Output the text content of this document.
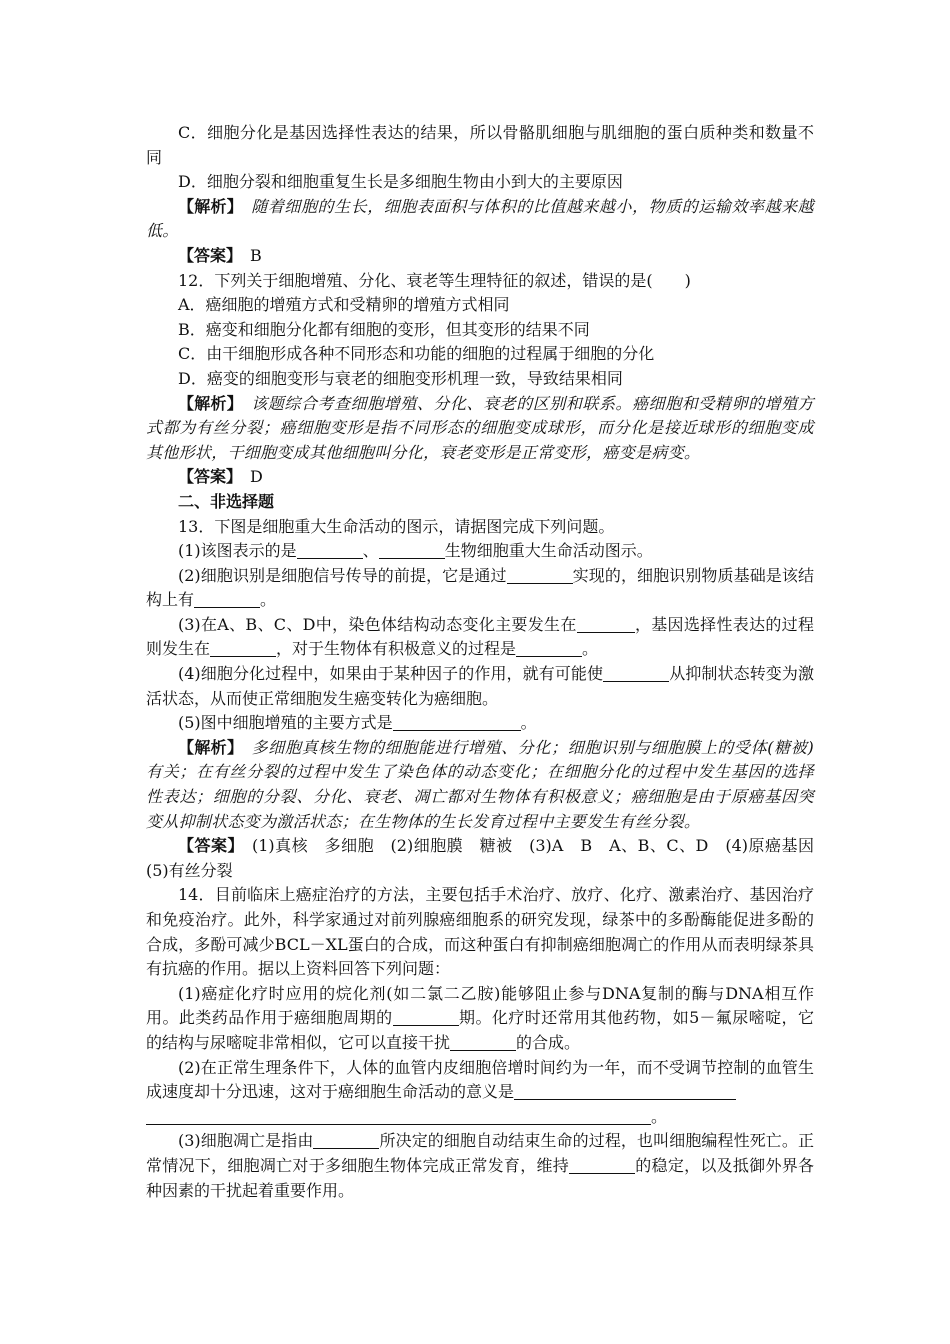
C．细胞分化是基因选择性表达的结果，所以骨骼肌细胞与肌细胞的蛋白质种类和数量不同

D．细胞分裂和细胞重复生长是多细胞生物由小到大的主要原因

【解析】 随着细胞的生长，细胞表面积与体积的比值越来越小，物质的运输效率越来越低。

【答案】 B

12．下列关于细胞增殖、分化、衰老等生理特征的叙述，错误的是(　　)

A．癌细胞的增殖方式和受精卵的增殖方式相同

B．癌变和细胞分化都有细胞的变形，但其变形的结果不同

C．由干细胞形成各种不同形态和功能的细胞的过程属于细胞的分化

D．癌变的细胞变形与衰老的细胞变形机理一致，导致结果相同

【解析】 该题综合考查细胞增殖、分化、衰老的区别和联系。癌细胞和受精卵的增殖方式都为有丝分裂；癌细胞变形是指不同形态的细胞变成球形，而分化是接近球形的细胞变成其他形状，干细胞变成其他细胞叫分化，衰老变形是正常变形，癌变是病变。

【答案】 D

二、非选择题

13．下图是细胞重大生命活动的图示，请据图完成下列问题。

(1)该图表示的是	、	生物细胞重大生命活动图示。

(2)细胞识别是细胞信号传导的前提，它是通过	实现的，细胞识别物质基础是该结构上有	。

(3)在A、B、C、D中，染色体结构动态变化主要发生在	，基因选择性表达的过程则发生在	，对于生物体有积极意义的过程是	。

(4)细胞分化过程中，如果由于某种因子的作用，就有可能使	从抑制状态转变为激活状态，从而使正常细胞发生癌变转化为癌细胞。

(5)图中细胞增殖的主要方式是	。

【解析】 多细胞真核生物的细胞能进行增殖、分化；细胞识别与细胞膜上的受体(糖被)有关；在有丝分裂的过程中发生了染色体的动态变化；在细胞分化的过程中发生基因的选择性表达；细胞的分裂、分化、衰老、凋亡都对生物体有积极意义；癌细胞是由于原癌基因突变从抑制状态变为激活状态；在生物体的生长发育过程中主要发生有丝分裂。

【答案】 (1)真核　多细胞　(2)细胞膜　糖被　(3)A　B　A、B、C、D　(4)原癌基因　(5)有丝分裂

14．目前临床上癌症治疗的方法，主要包括手术治疗、放疗、化疗、激素治疗、基因治疗和免疫治疗。此外，科学家通过对前列腺癌细胞系的研究发现，绿茶中的多酚酶能促进多酚的合成，多酚可减少BCL－XL蛋白的合成，而这种蛋白有抑制癌细胞凋亡的作用从而表明绿茶具有抗癌的作用。据以上资料回答下列问题：

(1)癌症化疗时应用的烷化剂(如二氯二乙胺)能够阻止参与DNA复制的酶与DNA相互作用。此类药品作用于癌细胞周期的	期。化疗时还常用其他药物，如5－氟尿嘧啶，它的结构与尿嘧啶非常相似，它可以直接干扰	的合成。

(2)在正常生理条件下，人体的血管内皮细胞倍增时间约为一年，而不受调节控制的血管生成速度却十分迅速，这对于癌细胞生命活动的意义是
。

(3)细胞凋亡是指由	所决定的细胞自动结束生命的过程，也叫细胞编程性死亡。正常情况下，细胞凋亡对于多细胞生物体完成正常发育，维持	的稳定，以及抵御外界各种因素的干扰起着重要作用。
